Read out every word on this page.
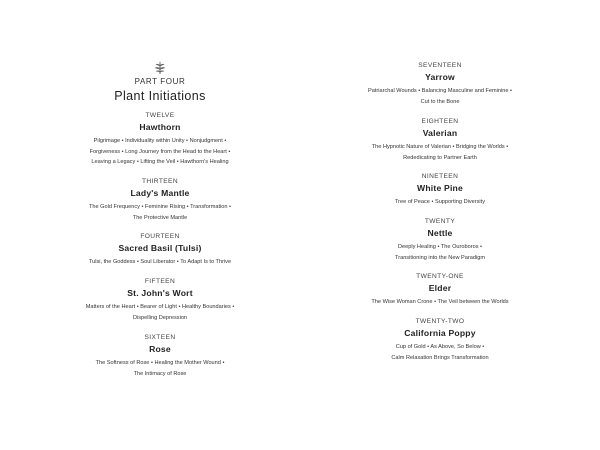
PART FOUR
Plant Initiations
TWELVE
Hawthorn
Pilgrimage • Individuality within Unity • Nonjudgment •
Forgiveness • Long Journey from the Head to the Heart •
Leaving a Legacy • Lifting the Veil • Hawthorn's Healing
THIRTEEN
Lady's Mantle
The Gold Frequency • Feminine Rising • Transformation •
The Protective Mantle
FOURTEEN
Sacred Basil (Tulsi)
Tulsi, the Goddess • Soul Liberator • To Adapt Is to Thrive
FIFTEEN
St. John's Wort
Matters of the Heart • Bearer of Light • Healthy Boundaries •
Dispelling Depression
SIXTEEN
Rose
The Softness of Rose • Healing the Mother Wound •
The Intimacy of Rose
SEVENTEEN
Yarrow
Patriarchal Wounds • Balancing Masculine and Feminine •
Cut to the Bone
EIGHTEEN
Valerian
The Hypnotic Nature of Valerian • Bridging the Worlds •
Rededicating to Partner Earth
NINETEEN
White Pine
Tree of Peace • Supporting Diversity
TWENTY
Nettle
Deeply Healing • The Ouroboros •
Transitioning into the New Paradigm
TWENTY-ONE
Elder
The Wise Woman Crone • The Veil between the Worlds
TWENTY-TWO
California Poppy
Cup of Gold • As Above, So Below •
Calm Relaxation Brings Transformation
